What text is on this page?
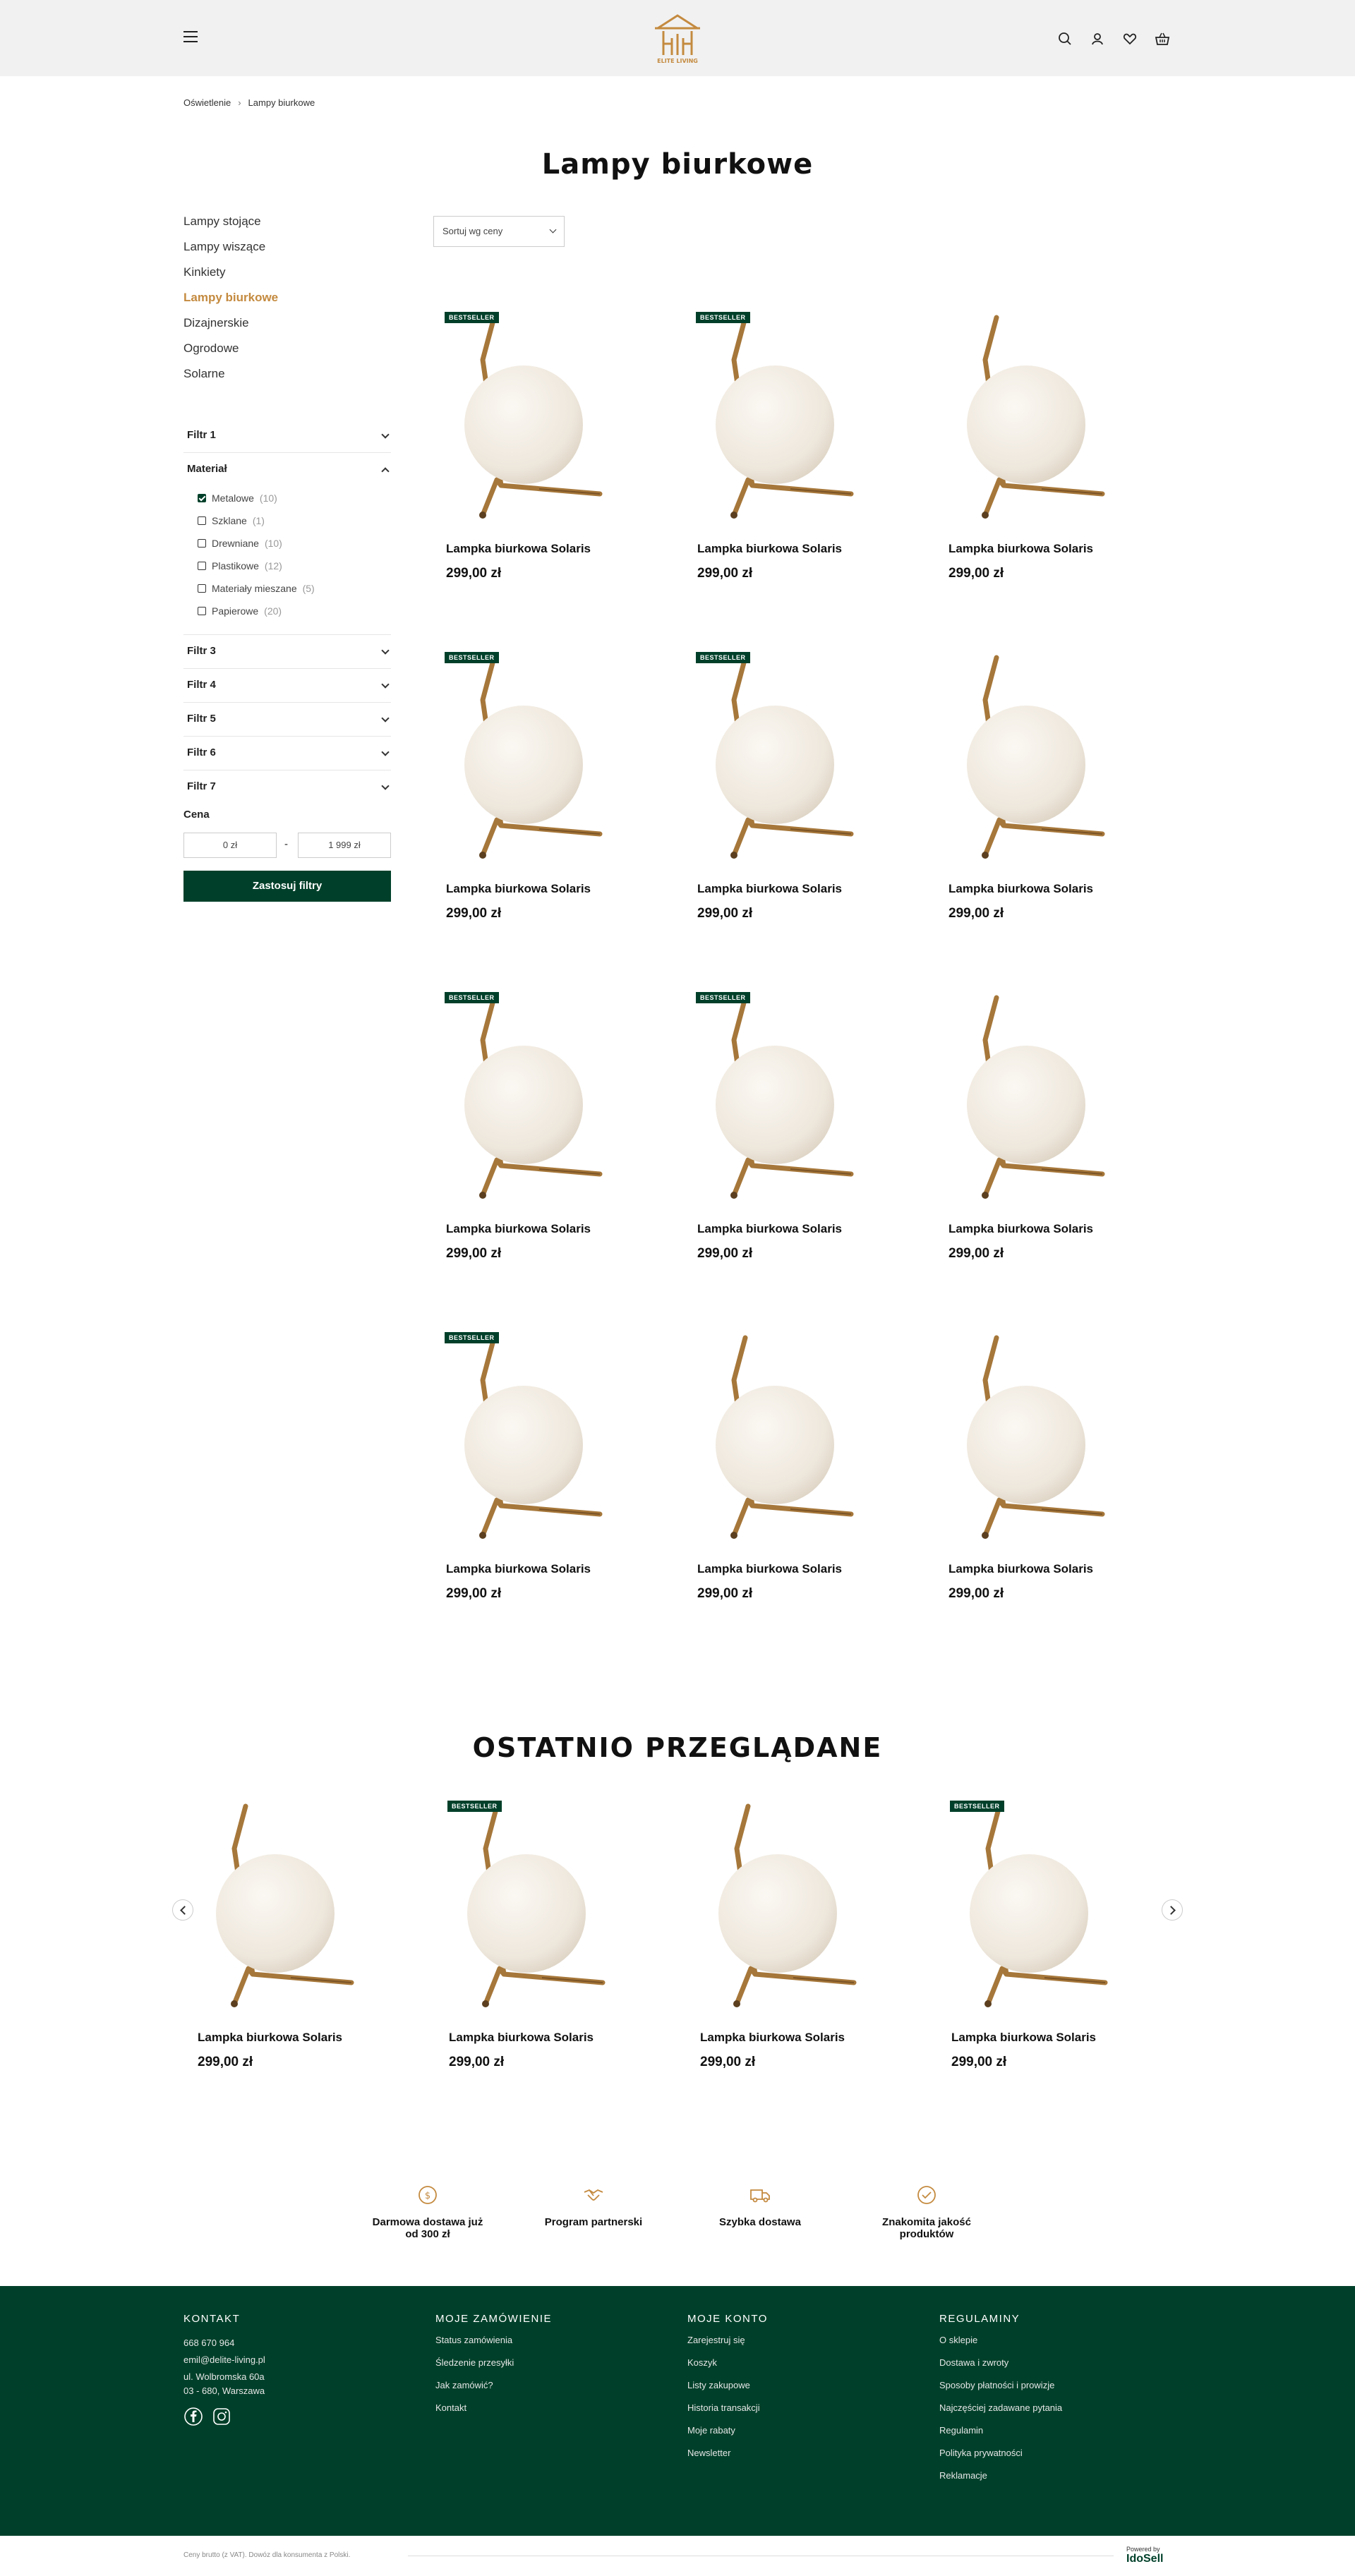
ELITE LIVING
Oświetlenie › Lampy biurkowe
Lampy biurkowe
Lampy stojące
Lampy wiszące
Kinkiety
Lampy biurkowe
Dizajnerskie
Ogrodowe
Solarne
Filtr 1
Materiał
Metalowe (10)
Szklane (1)
Drewniane (10)
Plastikowe (12)
Materiały mieszane (5)
Papierowe (20)
Filtr 3
Filtr 4
Filtr 5
Filtr 6
Filtr 7
Cena
0 zł	-	1 999 zł
Zastosuj filtry
Sortuj wg ceny
BESTSELLER
Lampka biurkowa Solaris
299,00 zł
BESTSELLER
Lampka biurkowa Solaris
299,00 zł
Lampka biurkowa Solaris
299,00 zł
BESTSELLER
Lampka biurkowa Solaris
299,00 zł
BESTSELLER
Lampka biurkowa Solaris
299,00 zł
Lampka biurkowa Solaris
299,00 zł
BESTSELLER
Lampka biurkowa Solaris
299,00 zł
BESTSELLER
Lampka biurkowa Solaris
299,00 zł
Lampka biurkowa Solaris
299,00 zł
BESTSELLER
Lampka biurkowa Solaris
299,00 zł
Lampka biurkowa Solaris
299,00 zł
Lampka biurkowa Solaris
299,00 zł
OSTATNIO PRZEGLĄDANE
Lampka biurkowa Solaris
299,00 zł
BESTSELLER
Lampka biurkowa Solaris
299,00 zł
Lampka biurkowa Solaris
299,00 zł
BESTSELLER
Lampka biurkowa Solaris
299,00 zł
$
Darmowa dostawa już od 300 zł
Program partnerski	Szybka dostawa	Znakomita jakość produktów
KONTAKT
668 670 964
emil@delite-living.pl
ul. Wolbromska 60a
03 - 680, Warszawa
MOJE ZAMÓWIENIE
Status zamówienia
Śledzenie przesyłki
Jak zamówić?
Kontakt
MOJE KONTO
Zarejestruj się
Koszyk
Listy zakupowe
Historia transakcji
Moje rabaty
Newsletter
REGULAMINY
O sklepie
Dostawa i zwroty
Sposoby płatności i prowizje
Najczęściej zadawane pytania
Regulamin
Polityka prywatności
Reklamacje
Ceny brutto (z VAT). Dowóz dla konsumenta z Polski.
Powered by
IdoSell
